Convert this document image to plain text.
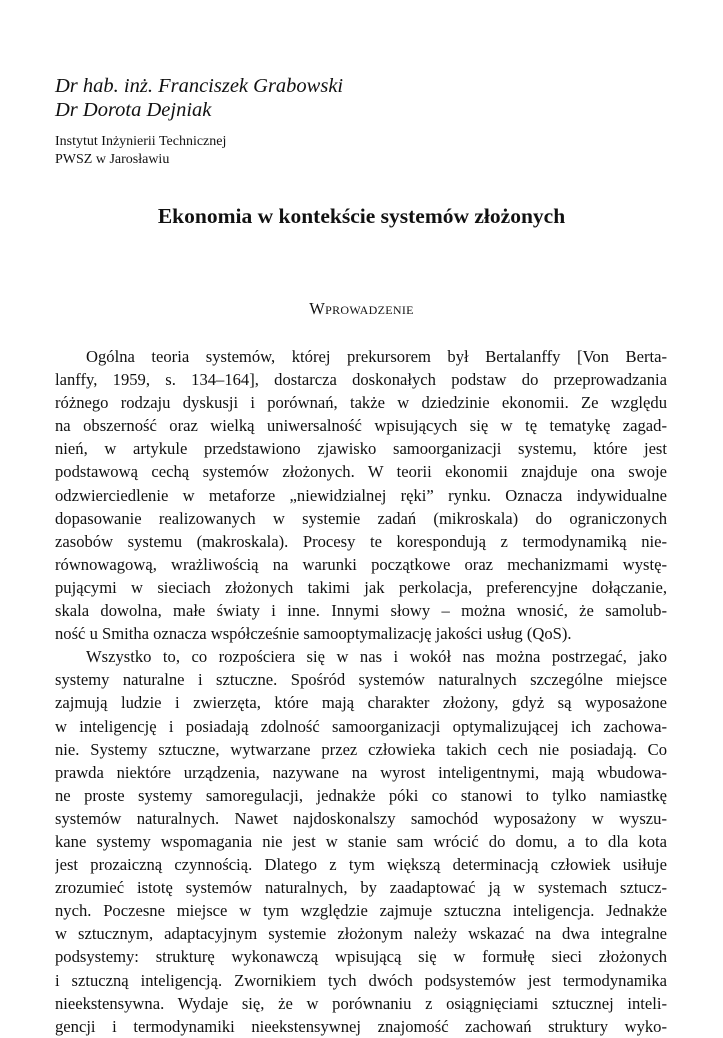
Dr hab. inż. Franciszek Grabowski
Dr Dorota Dejniak
Instytut Inżynierii Technicznej
PWSZ w Jarosławiu
Ekonomia w kontekście systemów złożonych
Wprowadzenie
Ogólna teoria systemów, której prekursorem był Bertalanffy [Von Berta-
lanffy, 1959, s. 134–164], dostarcza doskonałych podstaw do przeprowadzania
różnego rodzaju dyskusji i porównań, także w dziedzinie ekonomii. Ze względu
na obszerność oraz wielką uniwersalność wpisujących się w tę tematykę zagad-
nień, w artykule przedstawiono zjawisko samoorganizacji systemu, które jest
podstawową cechą systemów złożonych. W teorii ekonomii znajduje ona swoje
odzwierciedlenie w metaforze „niewidzialnej ręki” rynku. Oznacza indywidualne
dopasowanie realizowanych w systemie zadań (mikroskala) do ograniczonych
zasobów systemu (makroskala). Procesy te korespondują z termodynamiką nie-
równowagową, wrażliwością na warunki początkowe oraz mechanizmami wystę-
pującymi w sieciach złożonych takimi jak perkolacja, preferencyjne dołączanie,
skala dowolna, małe światy i inne. Innymi słowy – można wnosić, że samolub-
ność u Smitha oznacza współcześnie samooptymalizację jakości usług (QoS).
Wszystko to, co rozpościera się w nas i wokół nas można postrzegać, jako
systemy naturalne i sztuczne. Spośród systemów naturalnych szczególne miejsce
zajmują ludzie i zwierzęta, które mają charakter złożony, gdyż są wyposażone
w inteligencję i posiadają zdolność samoorganizacji optymalizującej ich zachowa-
nie. Systemy sztuczne, wytwarzane przez człowieka takich cech nie posiadają. Co
prawda niektóre urządzenia, nazywane na wyrost inteligentnymi, mają wbudowa-
ne proste systemy samoregulacji, jednakże póki co stanowi to tylko namiastkę
systemów naturalnych. Nawet najdoskonalszy samochód wyposażony w wyszu-
kane systemy wspomagania nie jest w stanie sam wrócić do domu, a to dla kota
jest prozaiczną czynnością. Dlatego z tym większą determinacją człowiek usiłuje
zrozumieć istotę systemów naturalnych, by zaadaptować ją w systemach sztucz-
nych. Poczesne miejsce w tym względzie zajmuje sztuczna inteligencja. Jednakże
w sztucznym, adaptacyjnym systemie złożonym należy wskazać na dwa integralne
podsystemy: strukturę wykonawczą wpisującą się w formułę sieci złożonych
i sztuczną inteligencją. Zwornikiem tych dwóch podsystemów jest termodynamika
nieekstensywna. Wydaje się, że w porównaniu z osiągnięciami sztucznej inteli-
gencji i termodynamiki nieekstensywnej znajomość zachowań struktury wyko-
